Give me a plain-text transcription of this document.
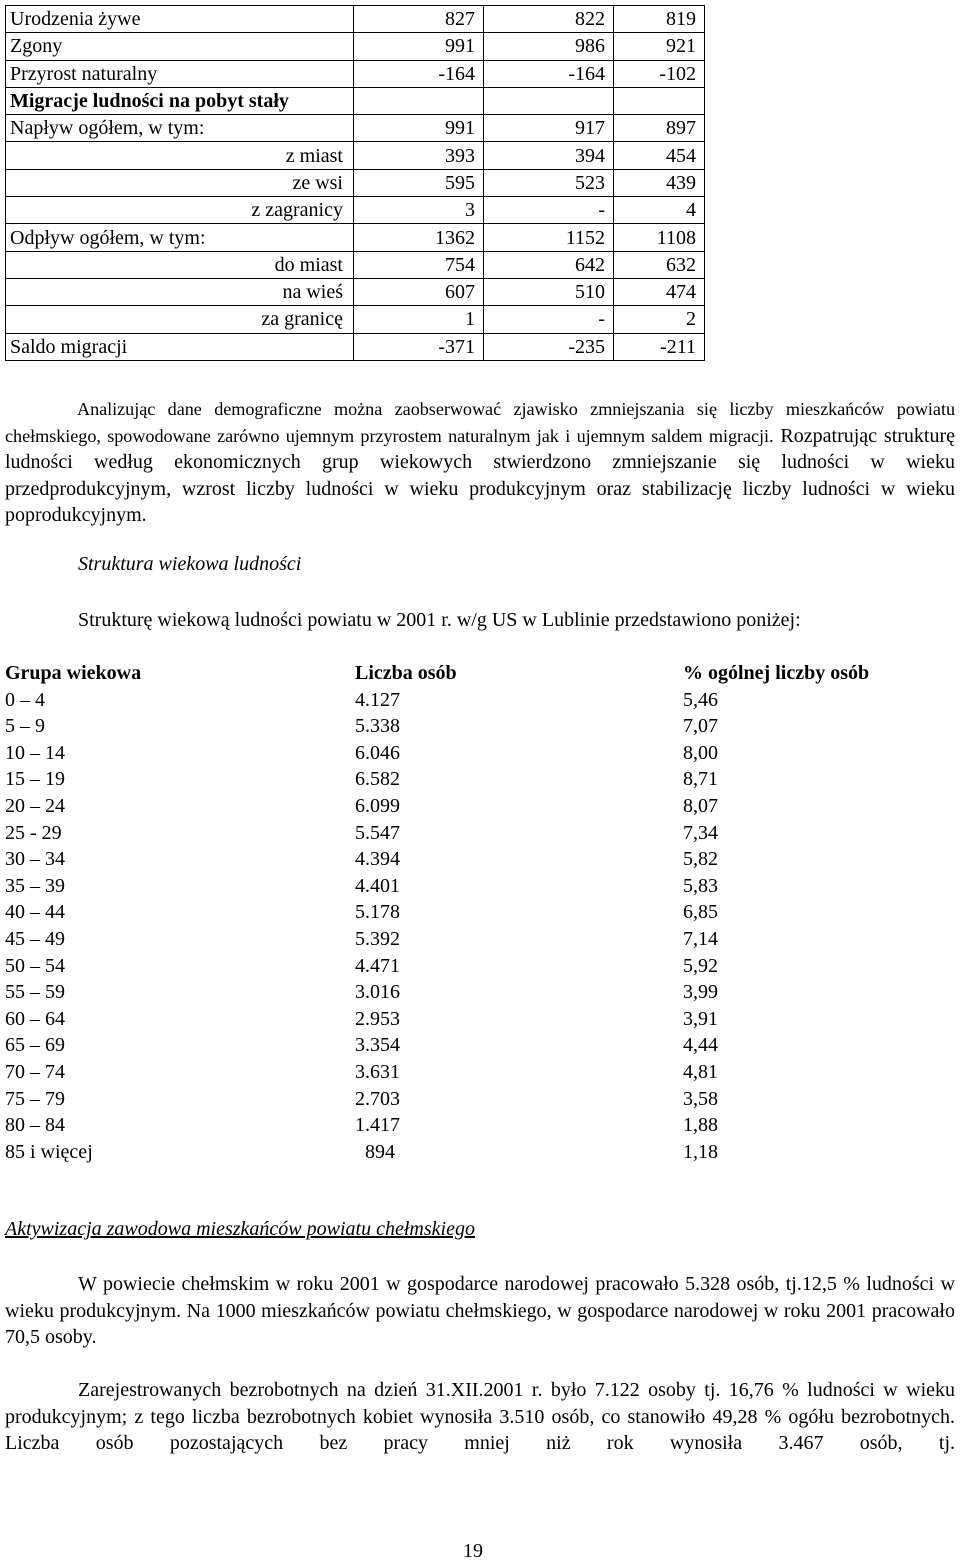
Urodzenia żywe	827	822	819
Zgony	991	986	921
Przyrost naturalny	-164	-164	-102
Migracje ludności na pobyt stały			
Napływ ogółem, w tym:	991	917	897
z miast	393	394	454
ze wsi	595	523	439
z zagranicy	3	-	4
Odpływ ogółem, w tym:	1362	1152	1108
do miast	754	642	632
na wieś	607	510	474
za granicę	1	-	2
Saldo migracji	-371	-235	-211

Analizując dane demograficzne można zaobserwować zjawisko zmniejszania się liczby mieszkańców powiatu chełmskiego, spowodowane zarówno ujemnym przyrostem naturalnym jak i ujemnym saldem migracji. Rozpatrując strukturę ludności według ekonomicznych grup wiekowych stwierdzono zmniejszanie się ludności w wieku przedprodukcyjnym, wzrost liczby ludności w wieku produkcyjnym oraz stabilizację liczby ludności w wieku poprodukcyjnym.

Struktura wiekowa ludności

Strukturę wiekową ludności powiatu w 2001 r. w/g US w Lublinie przedstawiono poniżej:

Grupa wiekowa	Liczba osób	% ogólnej liczby osób
0 – 4	4.127	5,46
5 – 9	5.338	7,07
10 – 14	6.046	8,00
15 – 19	6.582	8,71
20 – 24	6.099	8,07
25 - 29	5.547	7,34
30 – 34	4.394	5,82
35 – 39	4.401	5,83
40 – 44	5.178	6,85
45 – 49	5.392	7,14
50 – 54	4.471	5,92
55 – 59	3.016	3,99
60 – 64	2.953	3,91
65 – 69	3.354	4,44
70 – 74	3.631	4,81
75 – 79	2.703	3,58
80 – 84	1.417	1,88
85 i więcej	894	1,18

Aktywizacja zawodowa mieszkańców powiatu chełmskiego

W powiecie chełmskim w roku 2001 w gospodarce narodowej pracowało 5.328 osób, tj.12,5 % ludności w wieku produkcyjnym. Na 1000 mieszkańców powiatu chełmskiego, w gospodarce narodowej w roku 2001 pracowało 70,5 osoby.

Zarejestrowanych bezrobotnych na dzień 31.XII.2001 r. było 7.122 osoby tj. 16,76 % ludności w wieku produkcyjnym; z tego liczba bezrobotnych kobiet wynosiła 3.510 osób, co stanowiło 49,28 % ogółu bezrobotnych. Liczba osób pozostających bez pracy mniej niż rok wynosiła 3.467 osób, tj.

19
